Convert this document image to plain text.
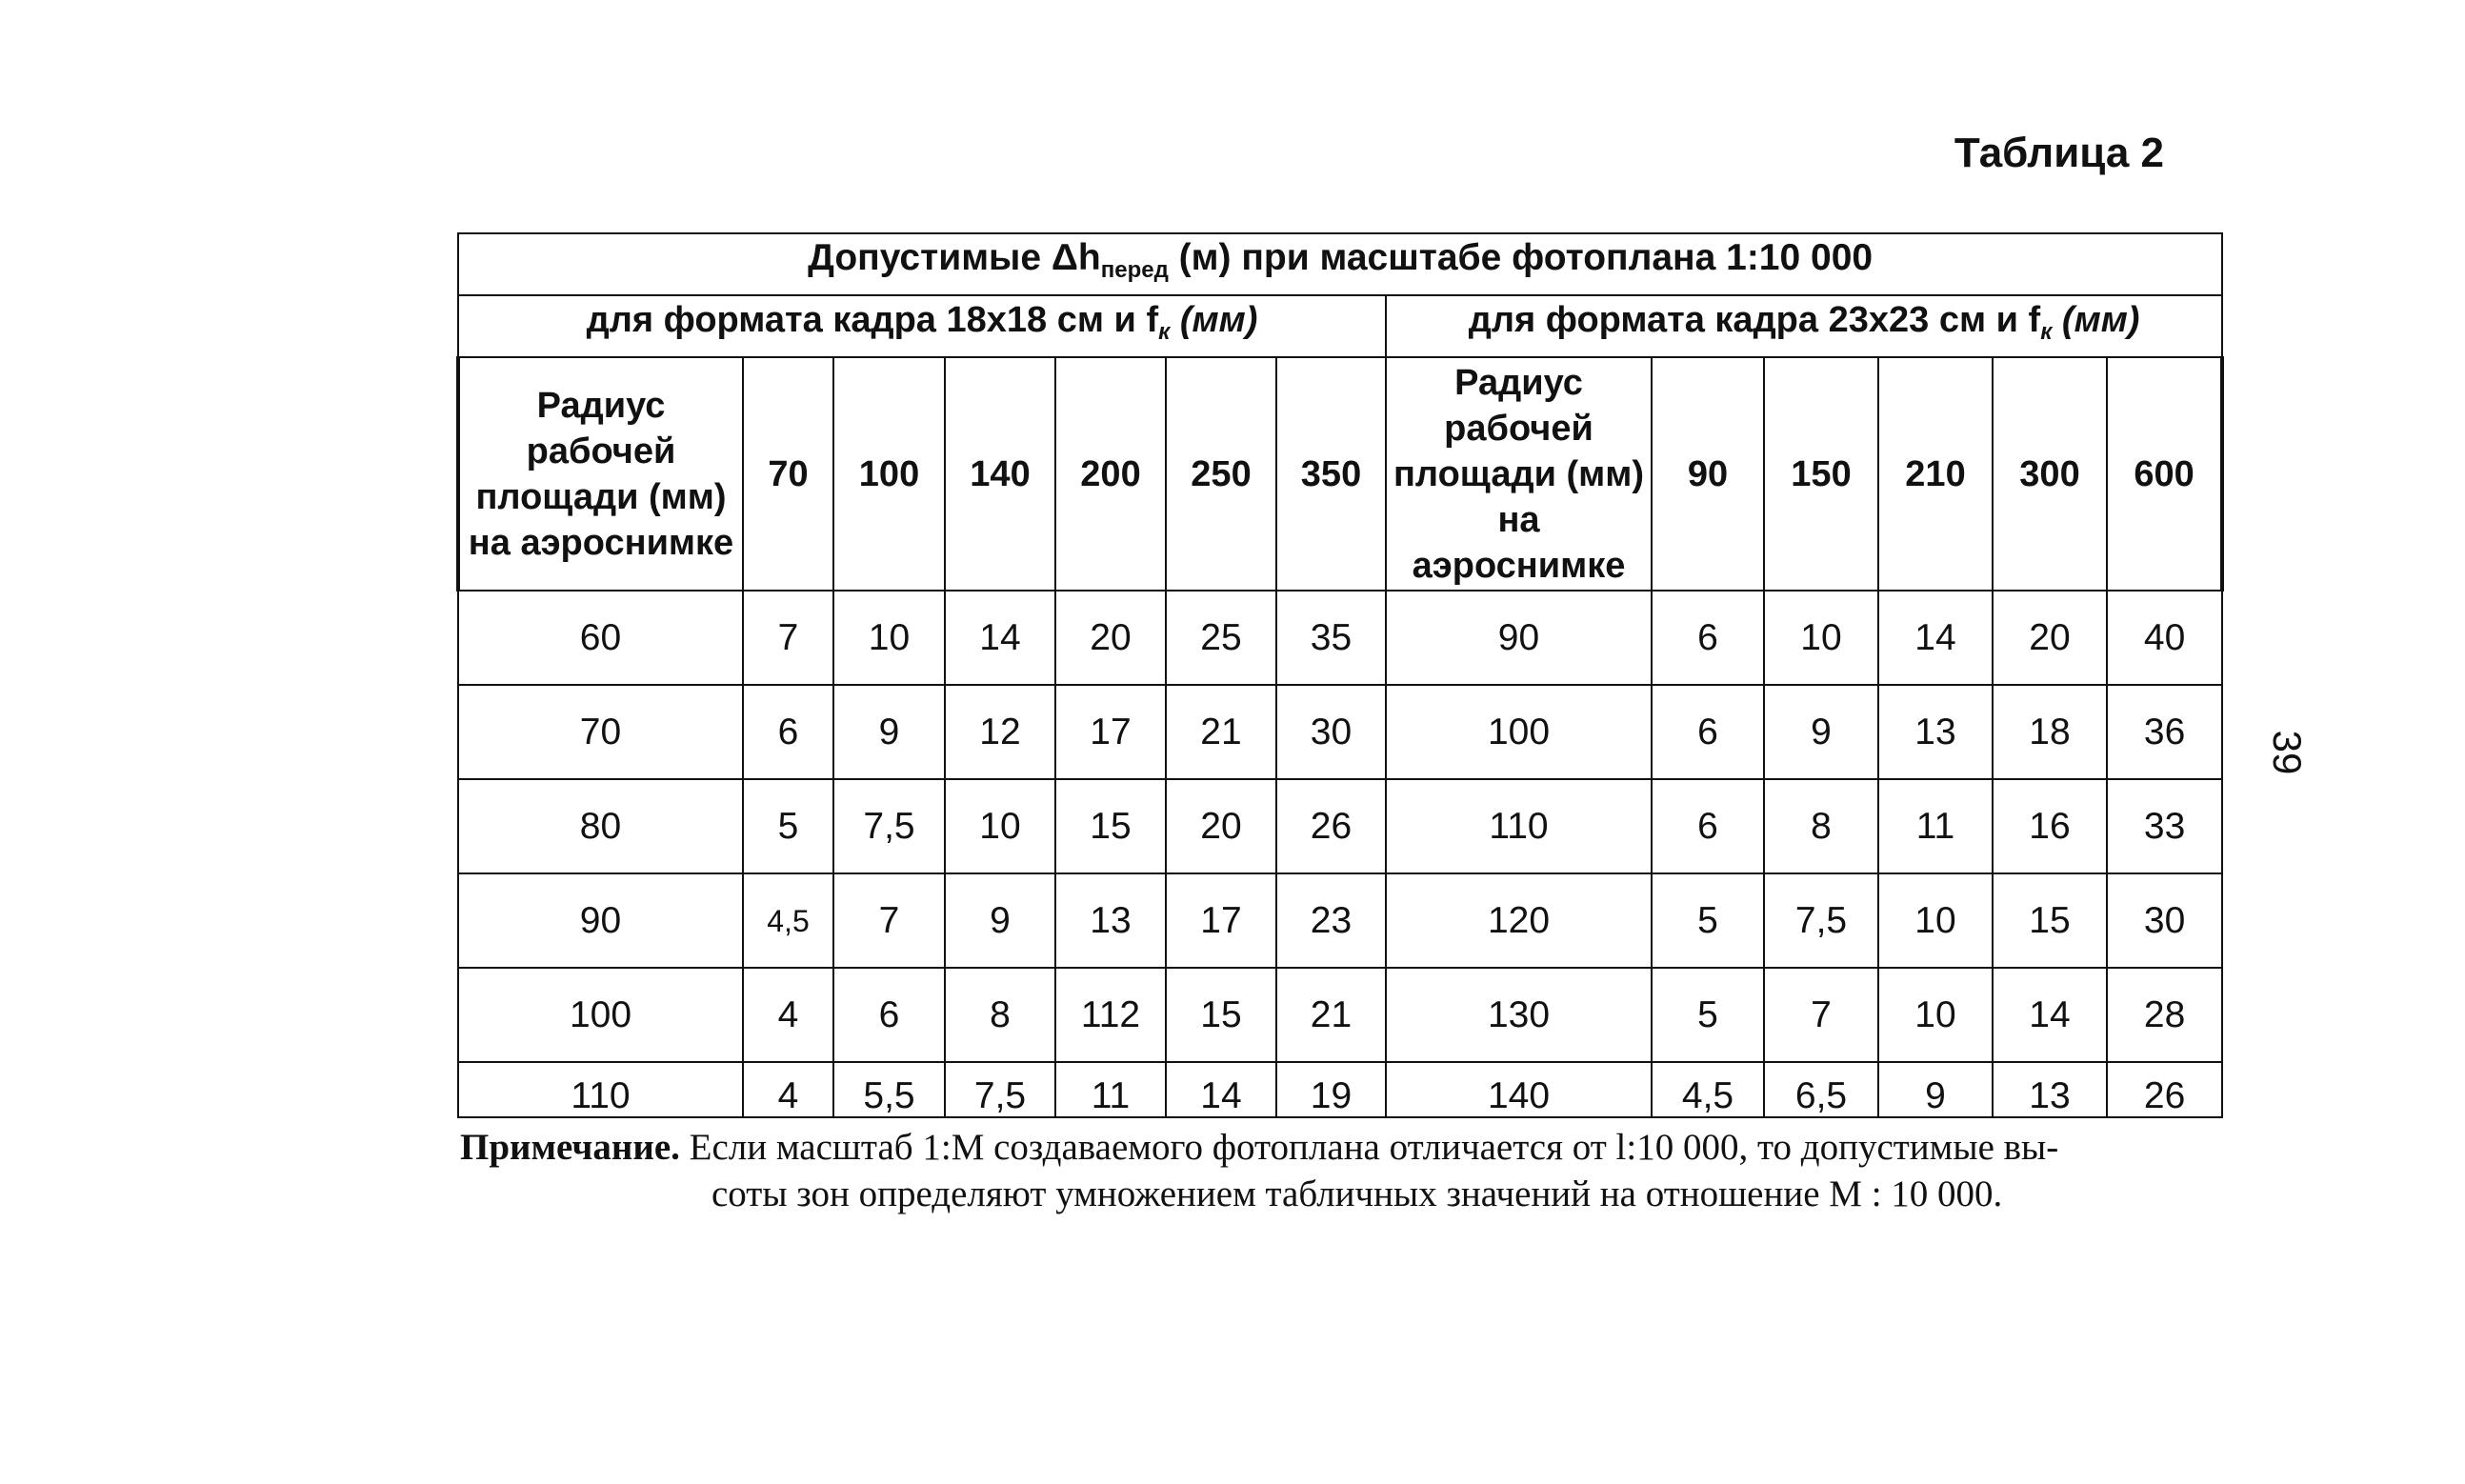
Таблица 2
39
Допустимые $\Delta h_{перед}$ (м) при масштабе фотоплана 1:10 000												
для формата кадра 18х18 см и $f_к$ (мм)							для формата кадра 23х23 см и $f_к$ (мм)					
Радиус рабочей площади (мм) на аэроснимке	70	100	140	200	250	350	Радиус рабочей площади (мм) на аэроснимке	90	150	210	300	600
60	7	10	14	20	25	35	90	6	10	14	20	40
70	6	9	12	17	21	30	100	6	9	13	18	36
80	5	7,5	10	15	20	26	110	6	8	11	16	33
90	4,5	7	9	13	17	23	120	5	7,5	10	15	30
100	4	6	8	112	15	21	130	5	7	10	14	28
110	4	5,5	7,5	11	14	19	140	4,5	6,5	9	13	26
Примечание. Если масштаб 1:М создаваемого фотоплана отличается от l:10 000, то допустимые вы-
соты зон определяют умножением табличных значений на отношение М : 10 000.
